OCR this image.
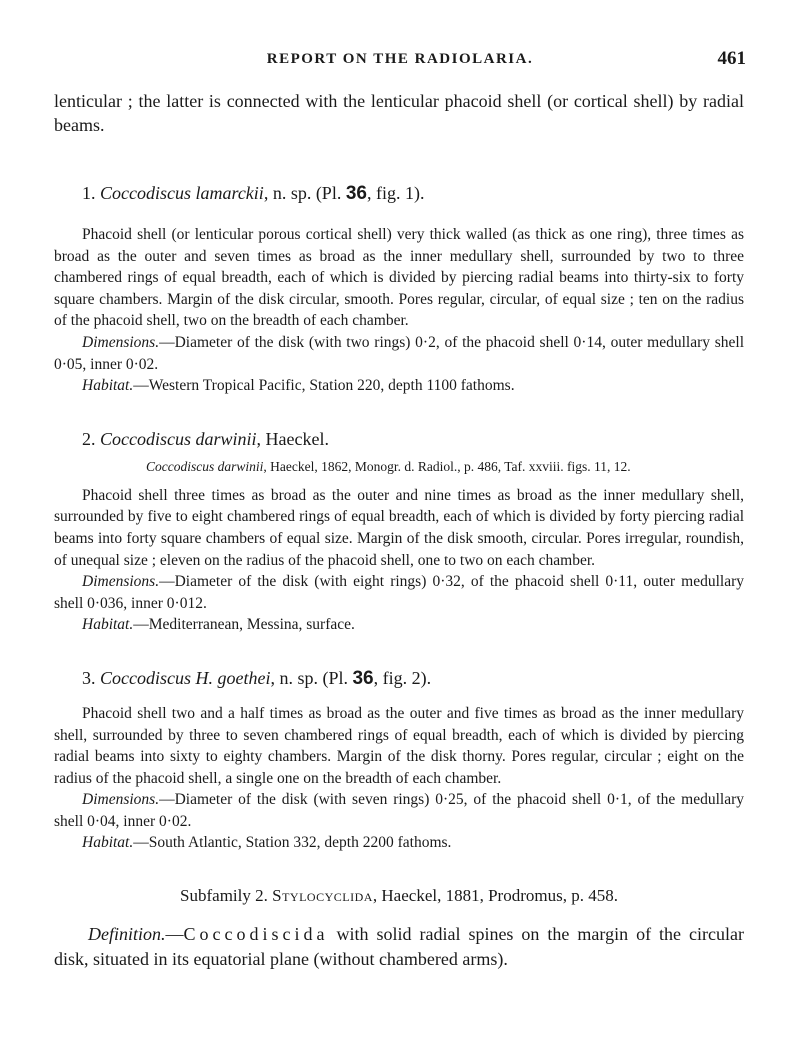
REPORT ON THE RADIOLARIA.	461

lenticular ; the latter is connected with the lenticular phacoid shell (or cortical shell) by radial beams.

1. Coccodiscus lamarckii, n. sp. (Pl. 36, fig. 1).

Phacoid shell (or lenticular porous cortical shell) very thick walled (as thick as one ring), three times as broad as the outer and seven times as broad as the inner medullary shell, surrounded by two to three chambered rings of equal breadth, each of which is divided by piercing radial beams into thirty-six to forty square chambers. Margin of the disk circular, smooth. Pores regular, circular, of equal size ; ten on the radius of the phacoid shell, two on the breadth of each chamber.

Dimensions.—Diameter of the disk (with two rings) 0·2, of the phacoid shell 0·14, outer medullary shell 0·05, inner 0·02.

Habitat.—Western Tropical Pacific, Station 220, depth 1100 fathoms.

2. Coccodiscus darwinii, Haeckel.

Coccodiscus darwinii, Haeckel, 1862, Monogr. d. Radiol., p. 486, Taf. xxviii. figs. 11, 12.

Phacoid shell three times as broad as the outer and nine times as broad as the inner medullary shell, surrounded by five to eight chambered rings of equal breadth, each of which is divided by forty piercing radial beams into forty square chambers of equal size. Margin of the disk smooth, circular. Pores irregular, roundish, of unequal size ; eleven on the radius of the phacoid shell, one to two on each chamber.

Dimensions.—Diameter of the disk (with eight rings) 0·32, of the phacoid shell 0·11, outer medullary shell 0·036, inner 0·012.

Habitat.—Mediterranean, Messina, surface.

3. Coccodiscus H. goethei, n. sp. (Pl. 36, fig. 2).

Phacoid shell two and a half times as broad as the outer and five times as broad as the inner medullary shell, surrounded by three to seven chambered rings of equal breadth, each of which is divided by piercing radial beams into sixty to eighty chambers. Margin of the disk thorny. Pores regular, circular ; eight on the radius of the phacoid shell, a single one on the breadth of each chamber.

Dimensions.—Diameter of the disk (with seven rings) 0·25, of the phacoid shell 0·1, of the medullary shell 0·04, inner 0·02.

Habitat.—South Atlantic, Station 332, depth 2200 fathoms.

Subfamily 2. Stylocyclida, Haeckel, 1881, Prodromus, p. 458.

Definition.—Coccodiscida with solid radial spines on the margin of the circular disk, situated in its equatorial plane (without chambered arms).
